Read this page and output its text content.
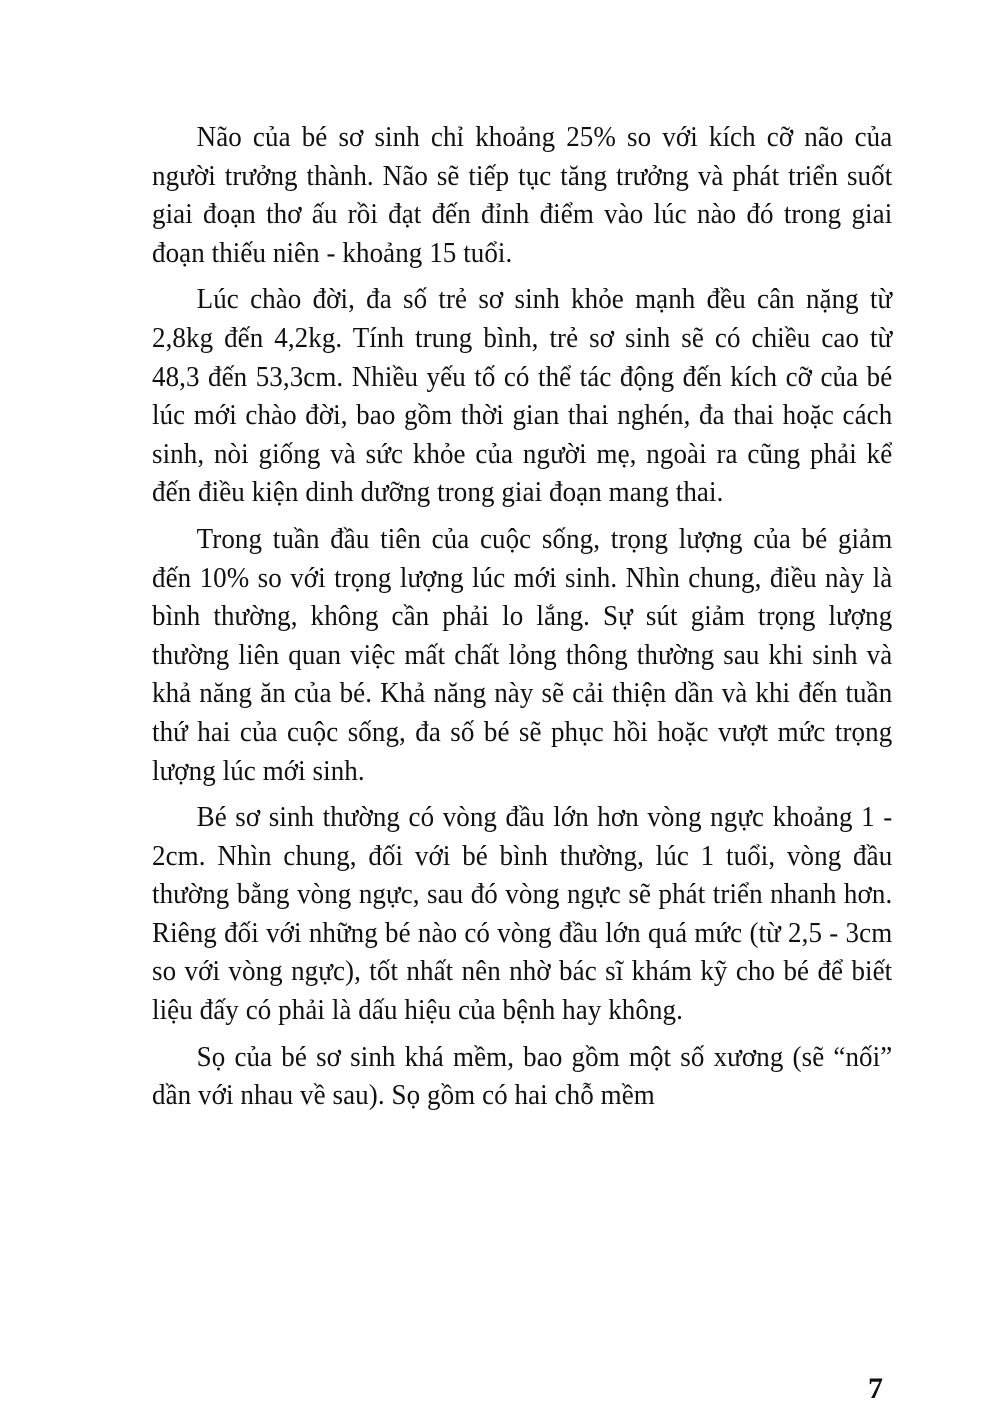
Não của bé sơ sinh chỉ khoảng 25% so với kích cỡ não của người trưởng thành. Não sẽ tiếp tục tăng trưởng và phát triển suốt giai đoạn thơ ấu rồi đạt đến đỉnh điểm vào lúc nào đó trong giai đoạn thiếu niên - khoảng 15 tuổi.

Lúc chào đời, đa số trẻ sơ sinh khỏe mạnh đều cân nặng từ 2,8kg đến 4,2kg. Tính trung bình, trẻ sơ sinh sẽ có chiều cao từ 48,3 đến 53,3cm. Nhiều yếu tố có thể tác động đến kích cỡ của bé lúc mới chào đời, bao gồm thời gian thai nghén, đa thai hoặc cách sinh, nòi giống và sức khỏe của người mẹ, ngoài ra cũng phải kể đến điều kiện dinh dưỡng trong giai đoạn mang thai.

Trong tuần đầu tiên của cuộc sống, trọng lượng của bé giảm đến 10% so với trọng lượng lúc mới sinh. Nhìn chung, điều này là bình thường, không cần phải lo lắng. Sự sút giảm trọng lượng thường liên quan việc mất chất lỏng thông thường sau khi sinh và khả năng ăn của bé. Khả năng này sẽ cải thiện dần và khi đến tuần thứ hai của cuộc sống, đa số bé sẽ phục hồi hoặc vượt mức trọng lượng lúc mới sinh.

Bé sơ sinh thường có vòng đầu lớn hơn vòng ngực khoảng 1 - 2cm. Nhìn chung, đối với bé bình thường, lúc 1 tuổi, vòng đầu thường bằng vòng ngực, sau đó vòng ngực sẽ phát triển nhanh hơn. Riêng đối với những bé nào có vòng đầu lớn quá mức (từ 2,5 - 3cm so với vòng ngực), tốt nhất nên nhờ bác sĩ khám kỹ cho bé để biết liệu đấy có phải là dấu hiệu của bệnh hay không.

Sọ của bé sơ sinh khá mềm, bao gồm một số xương (sẽ “nối” dần với nhau về sau). Sọ gồm có hai chỗ mềm

7
